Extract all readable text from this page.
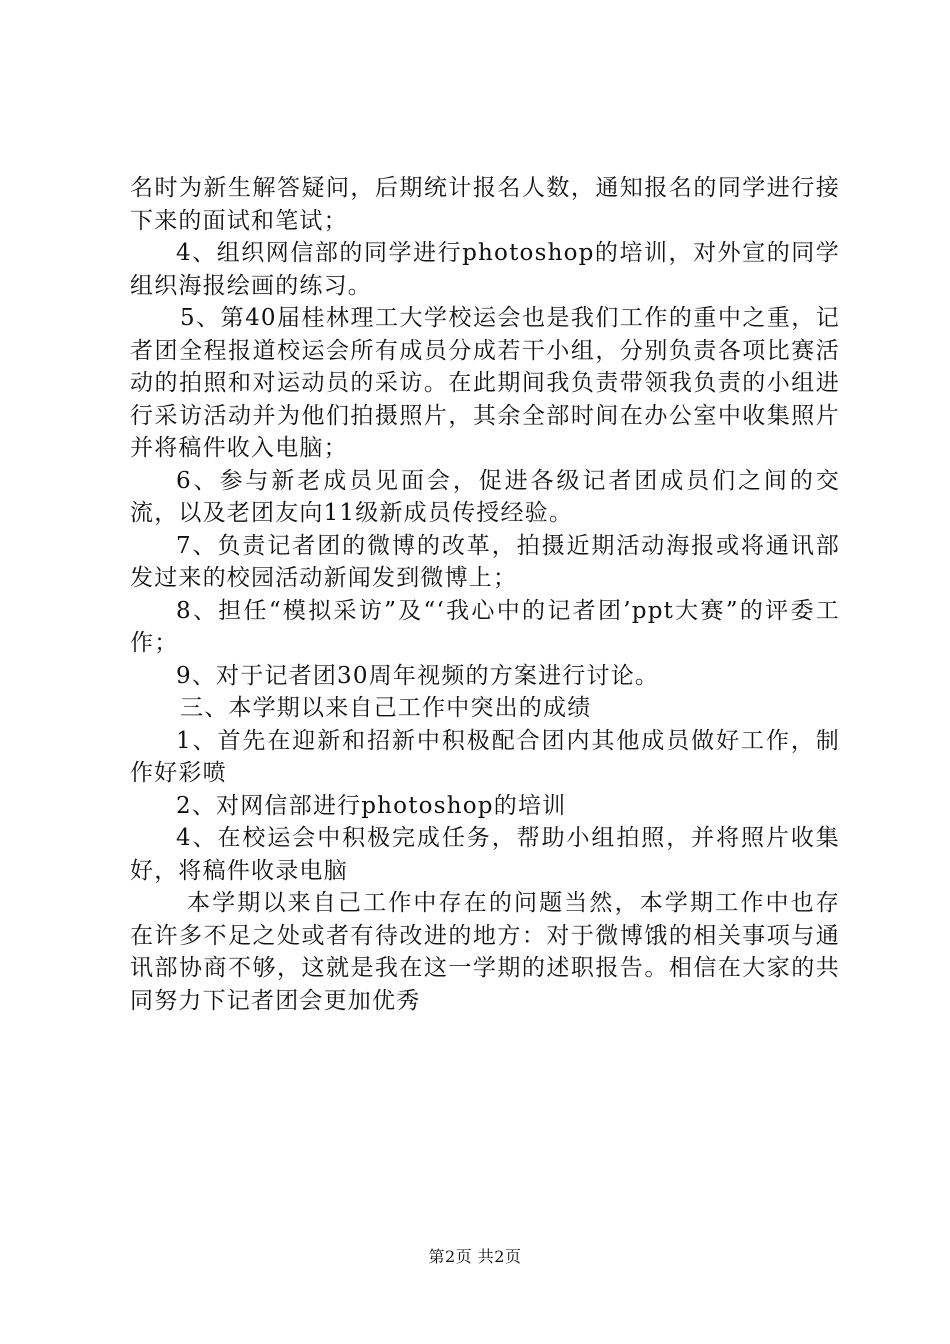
名时为新生解答疑问，后期统计报名人数，通知报名的同学进行接下来的面试和笔试；

4、组织网信部的同学进行photoshop的培训，对外宣的同学组织海报绘画的练习。

5、第40届桂林理工大学校运会也是我们工作的重中之重，记者团全程报道校运会所有成员分成若干小组，分别负责各项比赛活动的拍照和对运动员的采访。在此期间我负责带领我负责的小组进行采访活动并为他们拍摄照片，其余全部时间在办公室中收集照片并将稿件收入电脑；

6、参与新老成员见面会，促进各级记者团成员们之间的交流，以及老团友向11级新成员传授经验。

7、负责记者团的微博的改革，拍摄近期活动海报或将通讯部发过来的校园活动新闻发到微博上；

8、担任“模拟采访”及“‘我心中的记者团’ppt大赛”的评委工作；

9、对于记者团30周年视频的方案进行讨论。

三、本学期以来自己工作中突出的成绩

1、首先在迎新和招新中积极配合团内其他成员做好工作，制作好彩喷

2、对网信部进行photoshop的培训

4、在校运会中积极完成任务，帮助小组拍照，并将照片收集好，将稿件收录电脑

本学期以来自己工作中存在的问题当然，本学期工作中也存在许多不足之处或者有待改进的地方：对于微博饿的相关事项与通讯部协商不够，这就是我在这一学期的述职报告。相信在大家的共同努力下记者团会更加优秀

第2页 共2页
